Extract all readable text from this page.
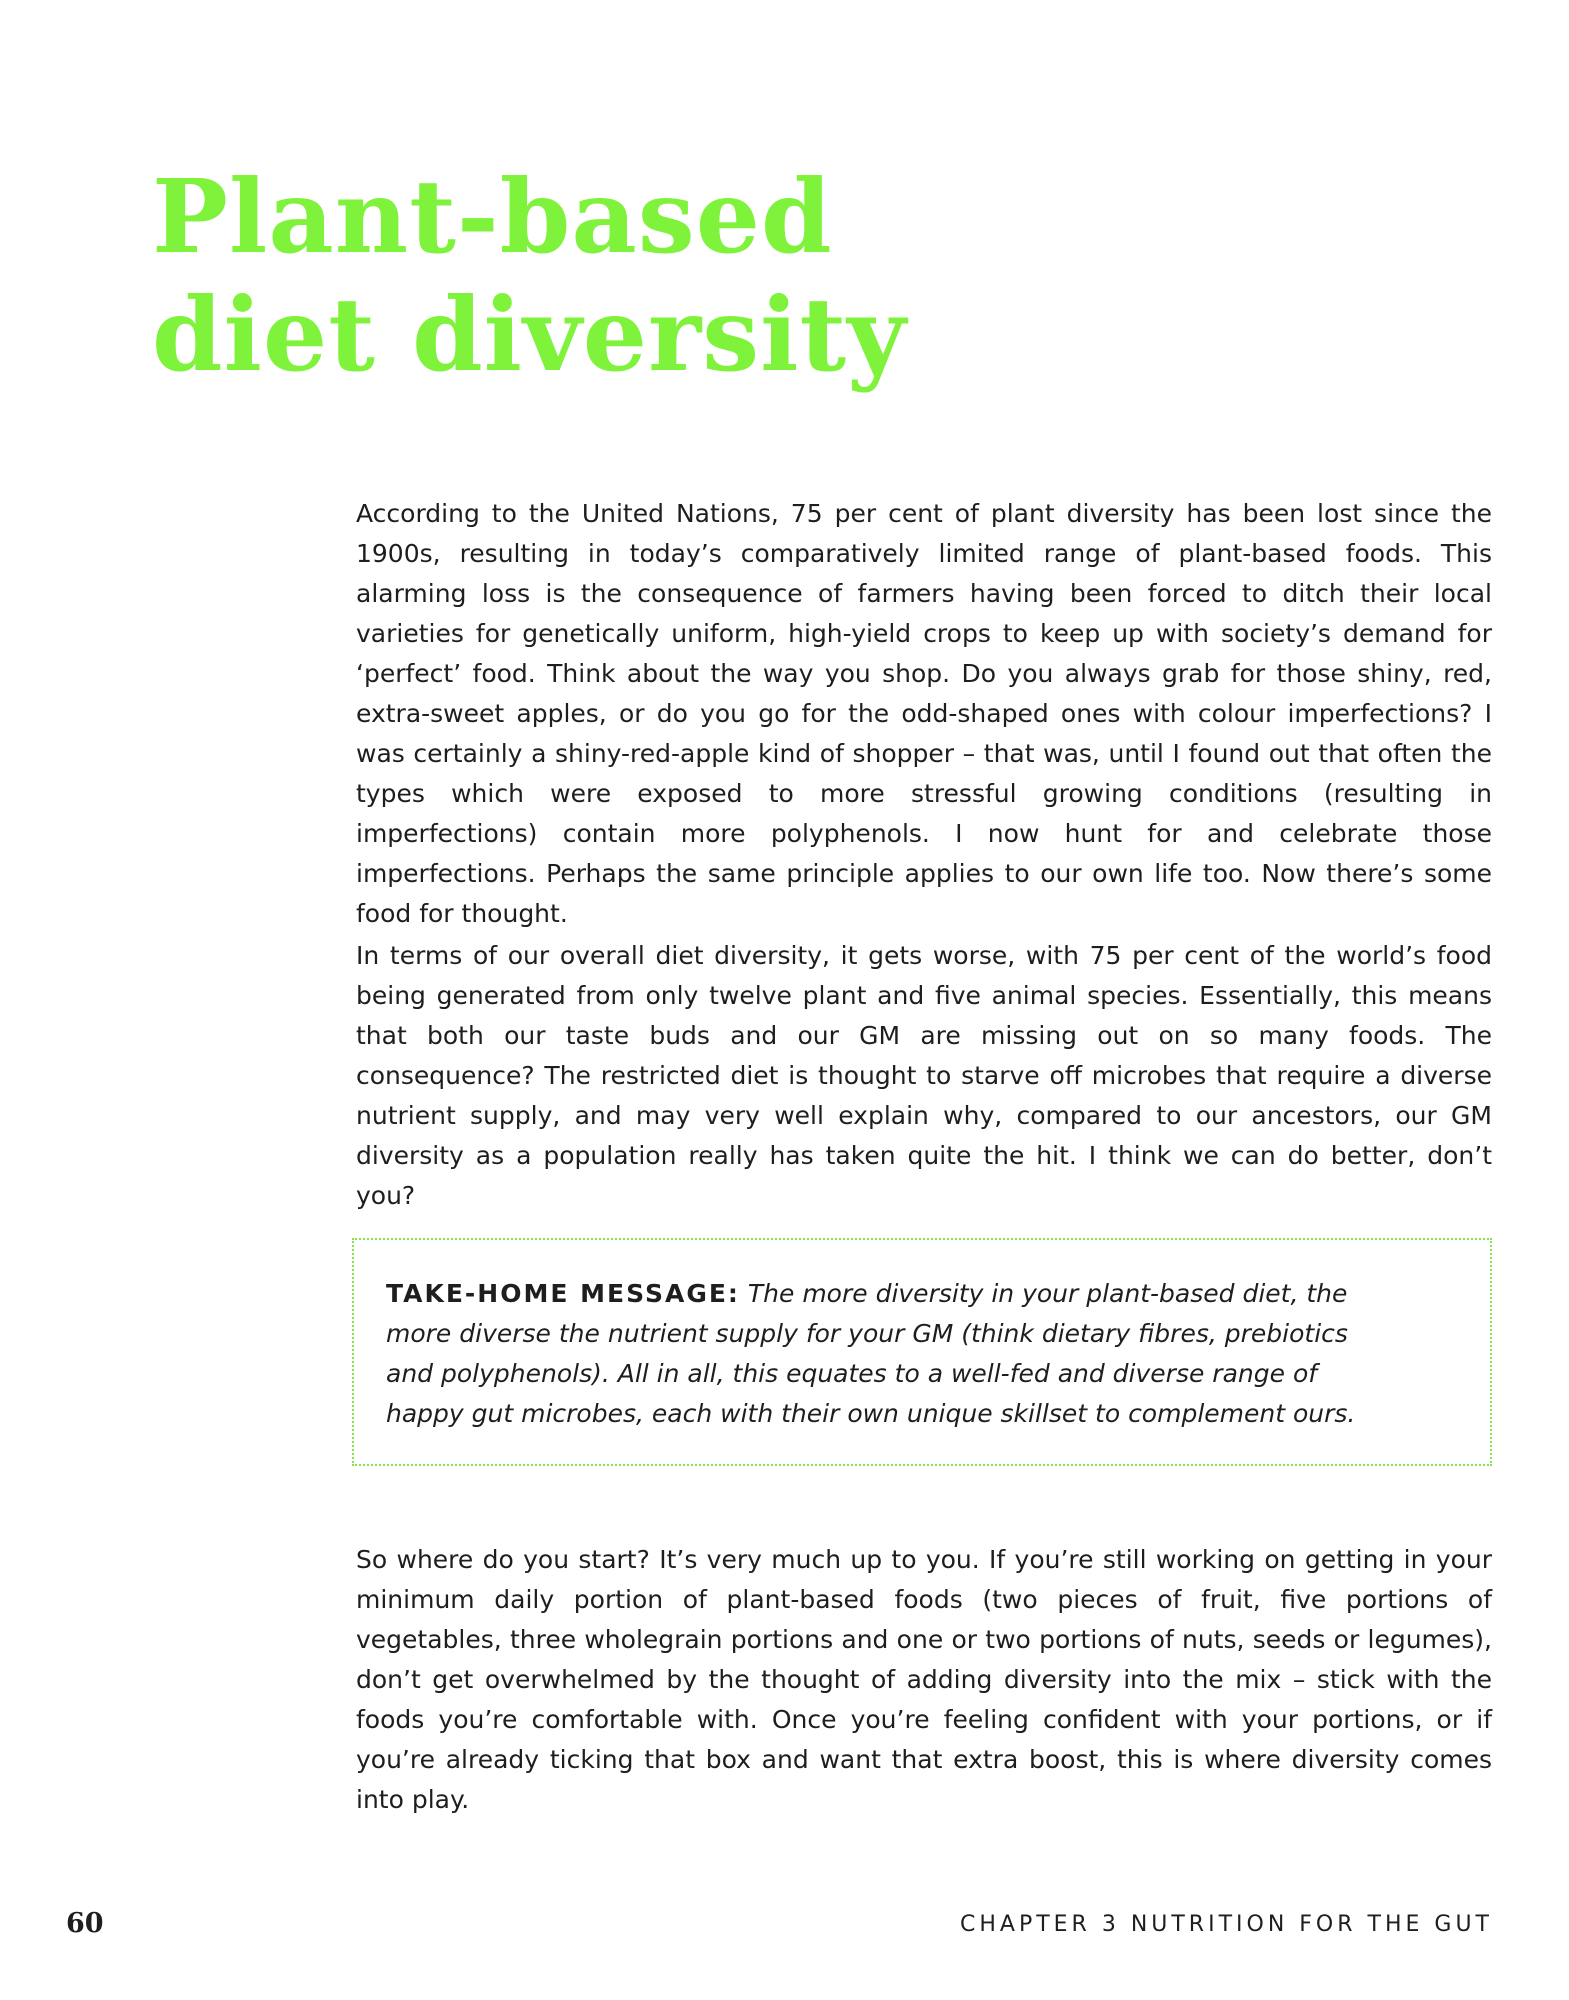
Plant-based
diet diversity

According to the United Nations, 75 per cent of plant diversity has been lost since the 1900s, resulting in today’s comparatively limited range of plant-based foods. This alarming loss is the consequence of farmers having been forced to ditch their local varieties for genetically uniform, high-yield crops to keep up with society’s demand for ‘perfect’ food. Think about the way you shop. Do you always grab for those shiny, red, extra-sweet apples, or do you go for the odd-shaped ones with colour imperfections? I was certainly a shiny-red-apple kind of shopper – that was, until I found out that often the types which were exposed to more stressful growing conditions (resulting in imperfections) contain more polyphenols. I now hunt for and celebrate those imperfections. Perhaps the same principle applies to our own life too. Now there’s some food for thought.

In terms of our overall diet diversity, it gets worse, with 75 per cent of the world’s food being generated from only twelve plant and five animal species. Essentially, this means that both our taste buds and our GM are missing out on so many foods. The consequence? The restricted diet is thought to starve off microbes that require a diverse nutrient supply, and may very well explain why, compared to our ancestors, our GM diversity as a population really has taken quite the hit. I think we can do better, don’t you?

TAKE-HOME MESSAGE: The more diversity in your plant-based diet, the more diverse the nutrient supply for your GM (think dietary fibres, prebiotics and polyphenols). All in all, this equates to a well-fed and diverse range of happy gut microbes, each with their own unique skillset to complement ours.

So where do you start? It’s very much up to you. If you’re still working on getting in your minimum daily portion of plant-based foods (two pieces of fruit, five portions of vegetables, three wholegrain portions and one or two portions of nuts, seeds or legumes), don’t get overwhelmed by the thought of adding diversity into the mix – stick with the foods you’re comfortable with. Once you’re feeling confident with your portions, or if you’re already ticking that box and want that extra boost, this is where diversity comes into play.

60	CHAPTER 3 NUTRITION FOR THE GUT
